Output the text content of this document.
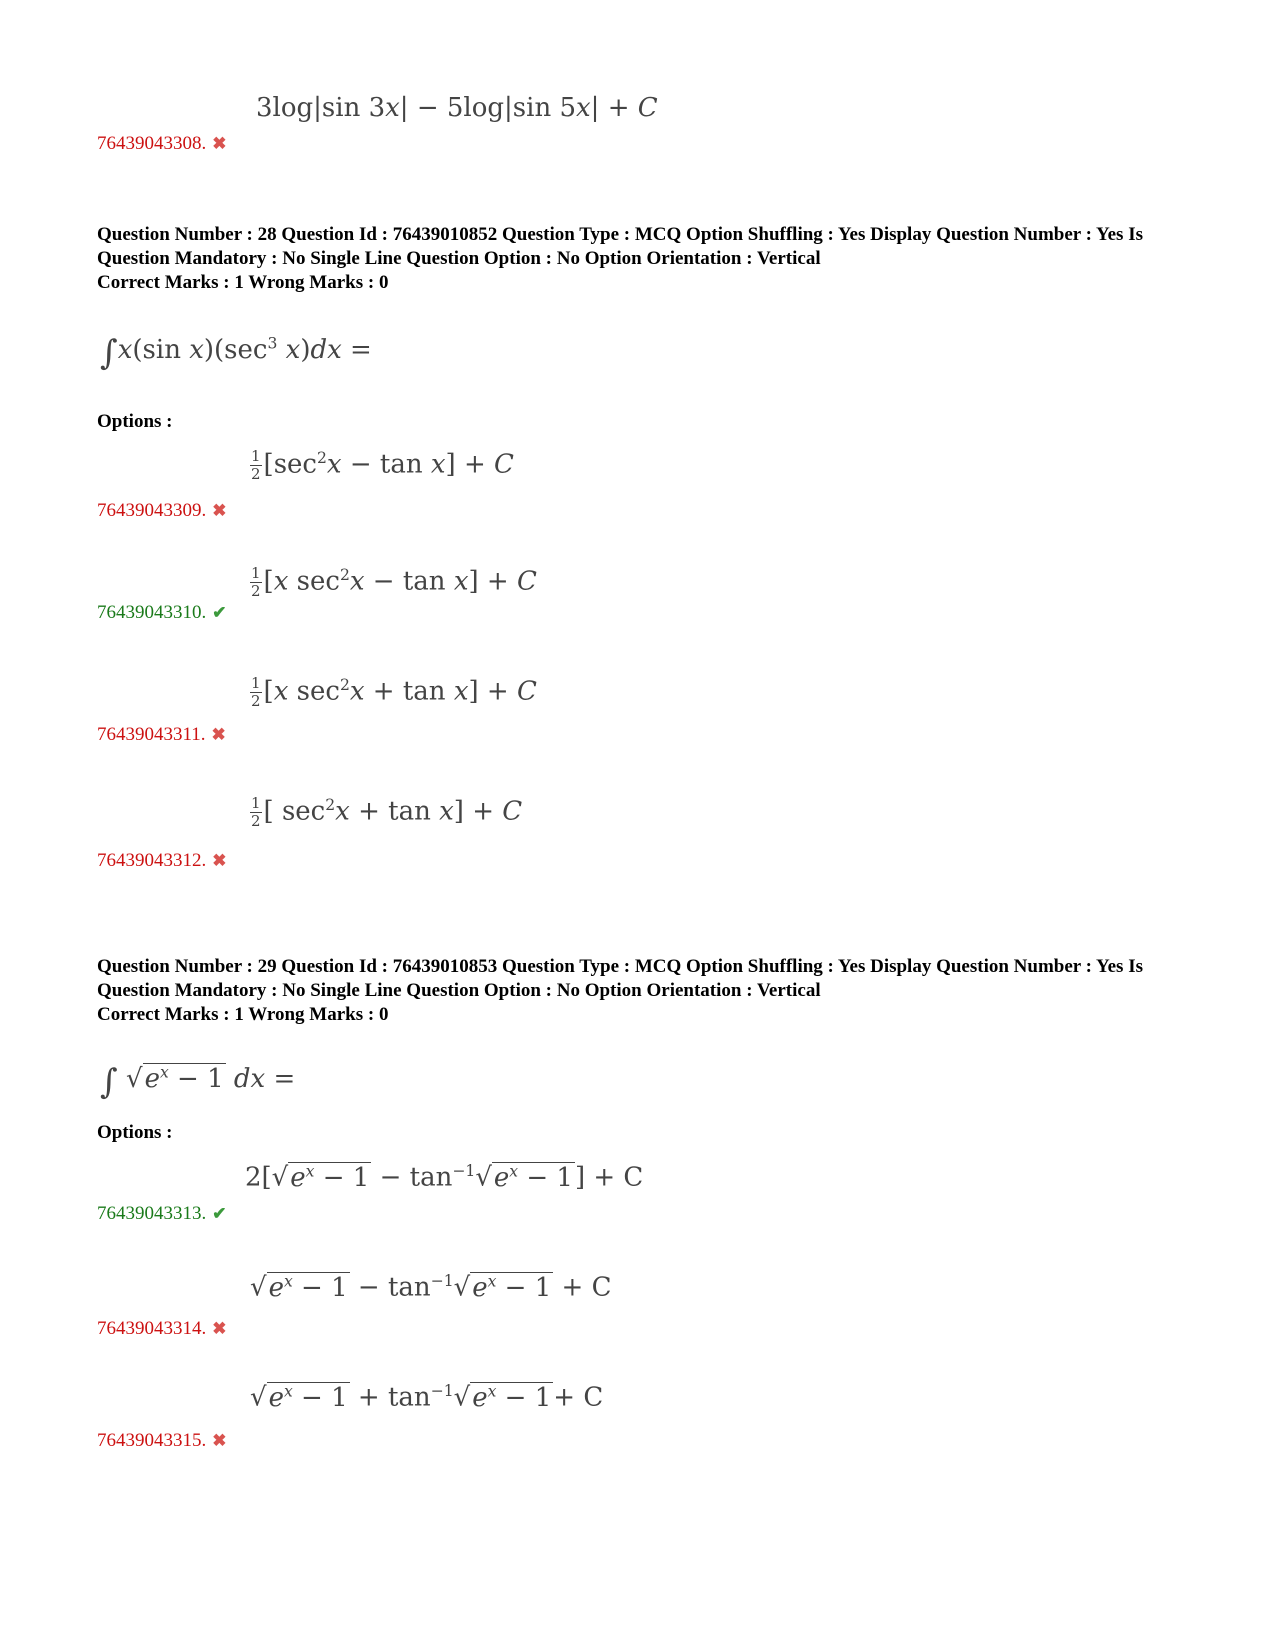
3log|sin 3x| − 5log|sin 5x| + C
76439043308. ✖
Question Number : 28 Question Id : 76439010852 Question Type : MCQ Option Shuffling : Yes Display Question Number : Yes Is Question Mandatory : No Single Line Question Option : No Option Orientation : Vertical
Correct Marks : 1 Wrong Marks : 0
∫x(sin $x)(\sec^3$ x)dx =
Options :
$\frac{1}{2} [\sec^2x - \tan x] + C$
76439043309. ✖
$\frac{1}{2} [x$ $\sec^2x - \tan x] + C$
76439043310. ✔
$\frac{1}{2} [x$ $\sec^2x + \tan x] + C$
76439043311. ✖
$\frac{1}{2}$ [ $\sec^2x + \tan x] + C$
76439043312. ✖
Question Number : 29 Question Id : 76439010853 Question Type : MCQ Option Shuffling : Yes Display Question Number : Yes Is Question Mandatory : No Single Line Question Option : No Option Orientation : Vertical
Correct Marks : 1 Wrong Marks : 0
∫ $√e^x - 1$ dx =
Options :
$2[√e^x - 1 - \tan^{-1}√e^x - 1] + C$
76439043313. ✔
$√e^x - 1 - \tan^{-1}√e^x - 1 + C$
76439043314. ✖
$√e^x - 1 + \tan^{-1}√e^x - 1+ C$
76439043315. ✖
